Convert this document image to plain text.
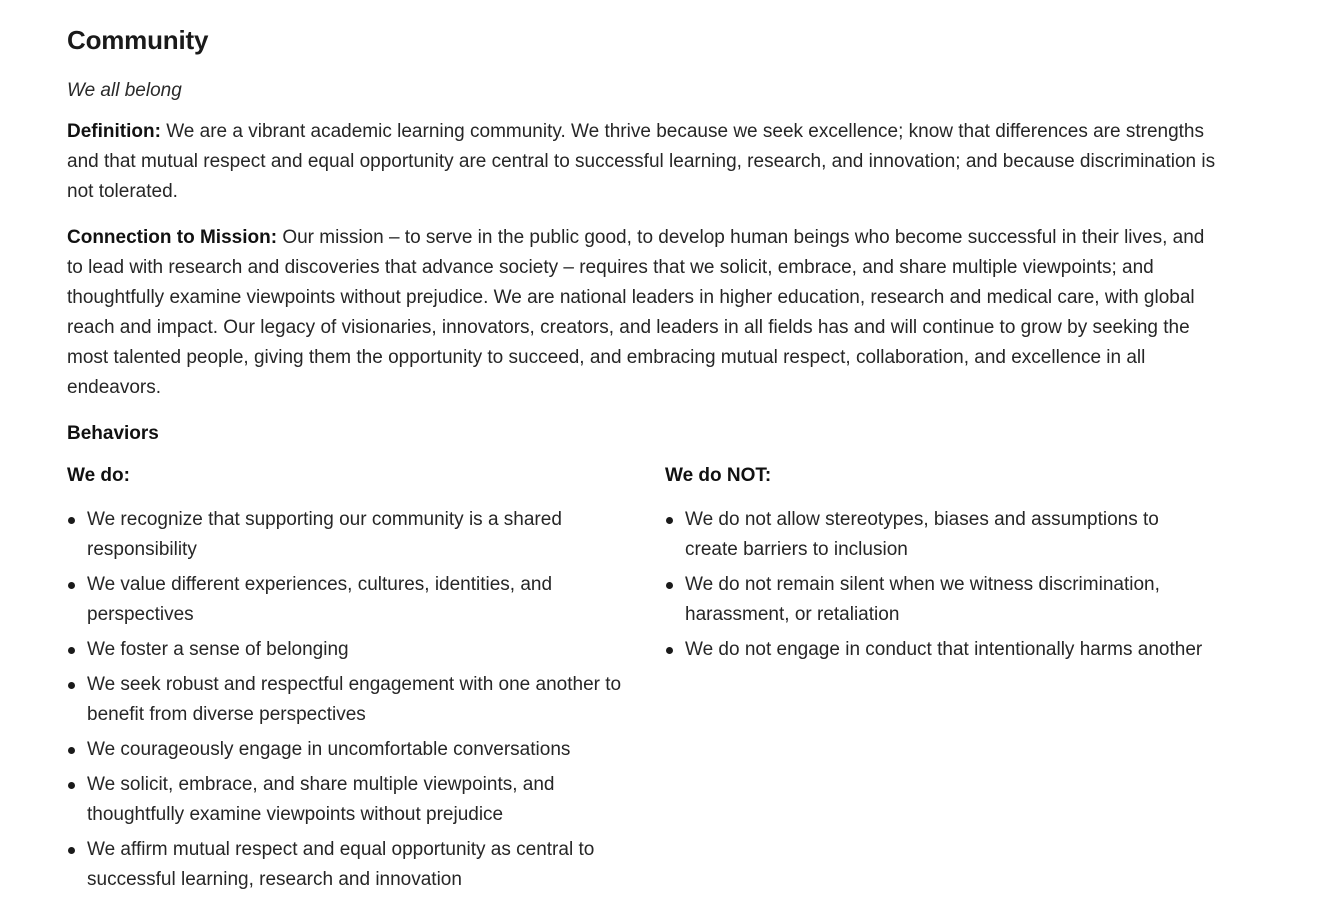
Community
We all belong

Definition: We are a vibrant academic learning community. We thrive because we seek excellence; know that differences are strengths and that mutual respect and equal opportunity are central to successful learning, research, and innovation; and because discrimination is not tolerated.

Connection to Mission: Our mission – to serve in the public good, to develop human beings who become successful in their lives, and to lead with research and discoveries that advance society – requires that we solicit, embrace, and share multiple viewpoints; and thoughtfully examine viewpoints without prejudice. We are national leaders in higher education, research and medical care, with global reach and impact. Our legacy of visionaries, innovators, creators, and leaders in all fields has and will continue to grow by seeking the most talented people, giving them the opportunity to succeed, and embracing mutual respect, collaboration, and excellence in all endeavors.

Behaviors
We do:
We recognize that supporting our community is a shared responsibility
We value different experiences, cultures, identities, and perspectives
We foster a sense of belonging
We seek robust and respectful engagement with one another to benefit from diverse perspectives
We courageously engage in uncomfortable conversations
We solicit, embrace, and share multiple viewpoints, and thoughtfully examine viewpoints without prejudice
We affirm mutual respect and equal opportunity as central to successful learning, research and innovation
We do NOT:
We do not allow stereotypes, biases and assumptions to create barriers to inclusion
We do not remain silent when we witness discrimination, harassment, or retaliation
We do not engage in conduct that intentionally harms another
